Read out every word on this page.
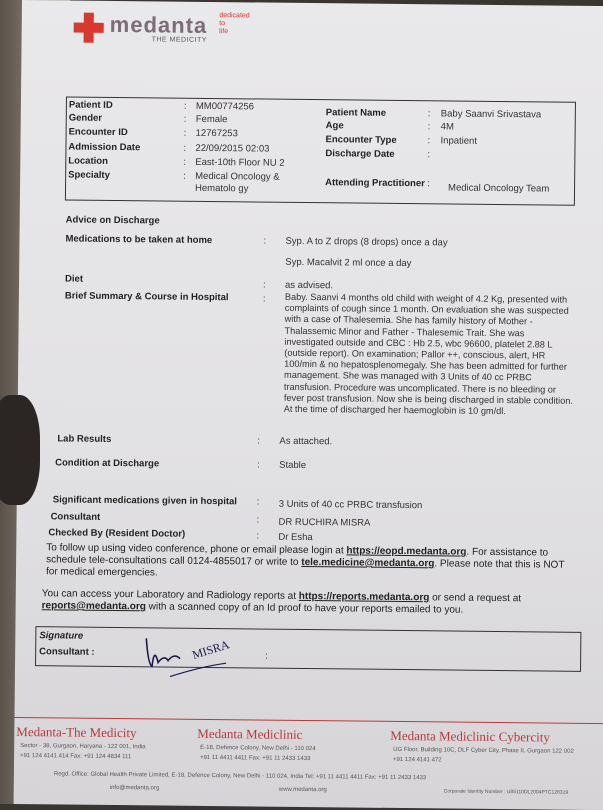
medanta
THE MEDICITY
dedicated
to
life
Patient ID	: MM00774256
Gender	: Female
Encounter ID	: 12767253
Admission Date	: 22/09/2015 02:03
Location	: East-10th Floor NU 2
Specialty	: Medical Oncology & Hematolo gy
Patient Name	: Baby Saanvi Srivastava
Age	: 4M
Encounter Type	: Inpatient
Discharge Date	:
Attending Practitioner : Medical Oncology Team
Advice on Discharge
Medications to be taken at home	: Syp. A to Z drops (8 drops) once a day
Syp. Macalvit 2 ml once a day
Diet
: as advised.
Brief Summary & Course in Hospital	: Baby. Saanvi 4 months old child with weight of 4.2 Kg, presented with complaints of cough since 1 month. On evaluation she was suspected with a case of Thalesemia. She has family history of Mother - Thalassemic Minor and Father - Thalesemic Trait. She was investigated outside and CBC : Hb 2.5, wbc 96600, platelet 2.88 L (outside report). On examination; Pallor ++, conscious, alert, HR 100/min & no hepatosplenomegaly. She has been admitted for further management. She was managed with 3 Units of 40 cc PRBC transfusion. Procedure was uncomplicated. There is no bleeding or fever post transfusion. Now she is being discharged in stable condition. At the time of discharged her haemoglobin is 10 gm/dl.
Lab Results	: As attached.
Condition at Discharge	: Stable
Significant medications given in hospital : 3 Units of 40 cc PRBC transfusion
Consultant	: DR RUCHIRA MISRA
Checked By (Resident Doctor)	: Dr Esha
To follow up using video conference, phone or email please login at https://eopd.medanta.org. For assistance to schedule tele-consultations call 0124-4855017 or write to tele.medicine@medanta.org. Please note that this is NOT for medical emergencies.
You can access your Laboratory and Radiology reports at https://reports.medanta.org or send a request at reports@medanta.org with a scanned copy of an Id proof to have your reports emailed to you.
Signature
Consultant :	:
MISRA
Medanta-The Medicity
Sector - 38, Gurgaon, Haryana - 122 001, India
+91 124 4141 414 Fax: +91 124 4834 111
Medanta Mediclinic
E-18, Defence Colony, New Delhi - 110 024
+91 11 4411 4411 Fax: +91 11 2433 1433
Medanta Mediclinic Cybercity
UG Floor, Building 10C, DLF Cyber City, Phase II, Gurgaon 122 002
+91 124 4141 472
Regd. Office: Global Health Private Limited, E-18, Defence Colony, New Delhi - 110 024, India Tel: +91 11 4411 4411 Fax: +91 11 2433 1433
info@medanta.org	www.medanta.org	Corporate Identity Number : U85110DL2004PTC128319
